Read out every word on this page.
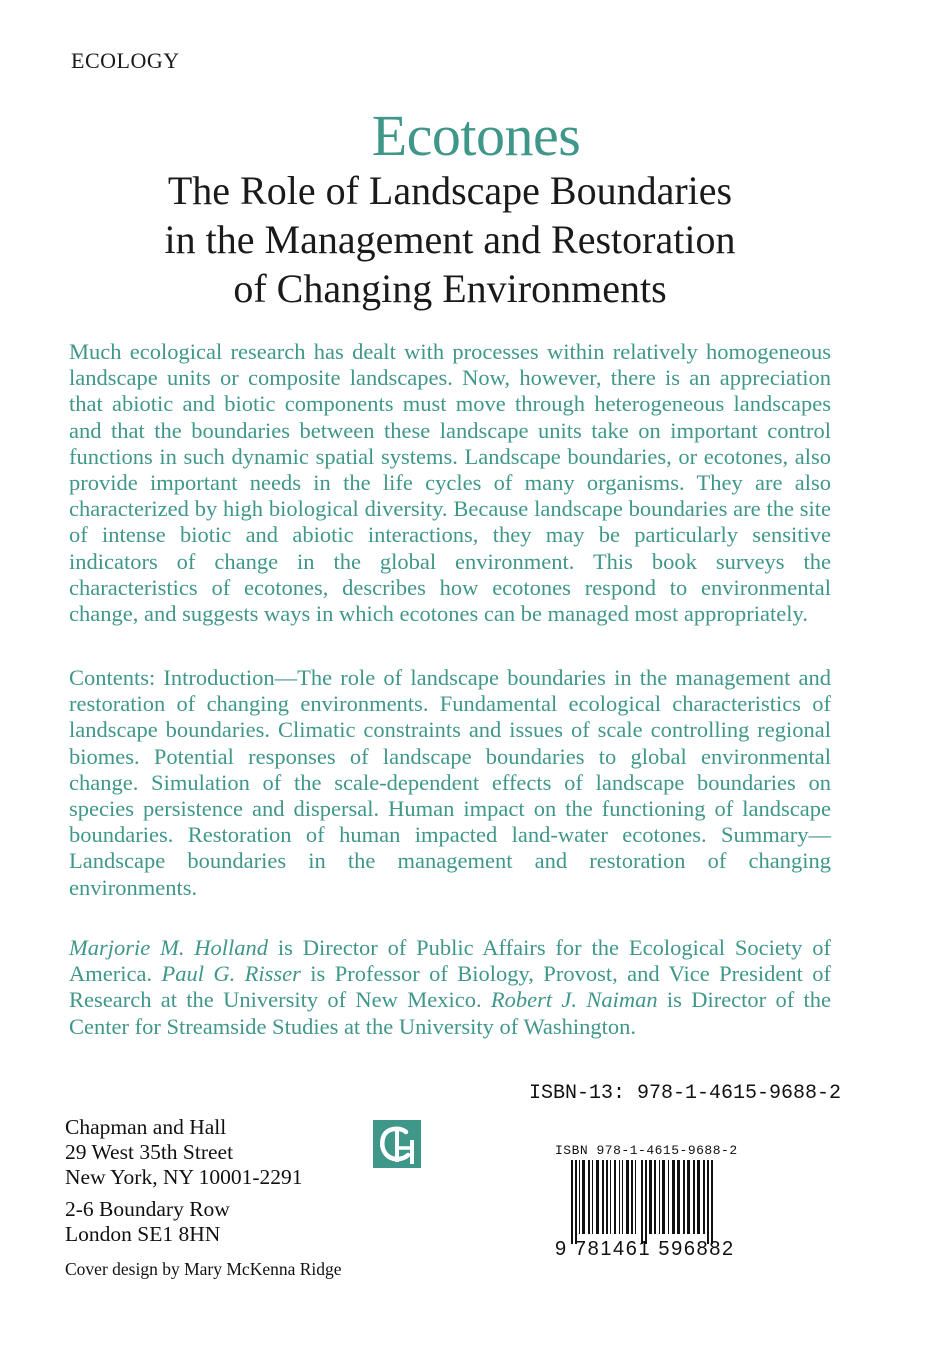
ECOLOGY
Ecotones
The Role of Landscape Boundaries
in the Management and Restoration
of Changing Environments

Much ecological research has dealt with processes within relatively homogeneous landscape units or composite landscapes. Now, however, there is an appreciation that abiotic and biotic components must move through heterogeneous landscapes and that the boundaries between these landscape units take on important control functions in such dynamic spatial systems. Landscape boundaries, or ecotones, also provide important needs in the life cycles of many organisms. They are also characterized by high biological diversity. Because landscape boundaries are the site of intense biotic and abiotic interactions, they may be particularly sensitive indicators of change in the global environment. This book surveys the characteristics of ecotones, describes how ecotones respond to environmental change, and suggests ways in which ecotones can be managed most appropriately.

Contents: Introduction—The role of landscape boundaries in the management and restoration of changing environments. Fundamental ecological characteristics of landscape boundaries. Climatic constraints and issues of scale controlling regional biomes. Potential responses of landscape boundaries to global environmental change. Simulation of the scale-dependent effects of landscape boundaries on species persistence and dispersal. Human impact on the functioning of landscape boundaries. Restoration of human impacted land-water ecotones. Summary—Landscape boundaries in the management and restoration of changing environments.

Marjorie M. Holland is Director of Public Affairs for the Ecological Society of America. Paul G. Risser is Professor of Biology, Provost, and Vice President of Research at the University of New Mexico. Robert J. Naiman is Director of the Center for Streamside Studies at the University of Washington.

ISBN-13: 978-1-4615-9688-2
Chapman and Hall
29 West 35th Street
New York, NY 10001-2291
2-6 Boundary Row
London SE1 8HN
ISBN 978-1-4615-9688-2
9 781461 596882
Cover design by Mary McKenna Ridge
